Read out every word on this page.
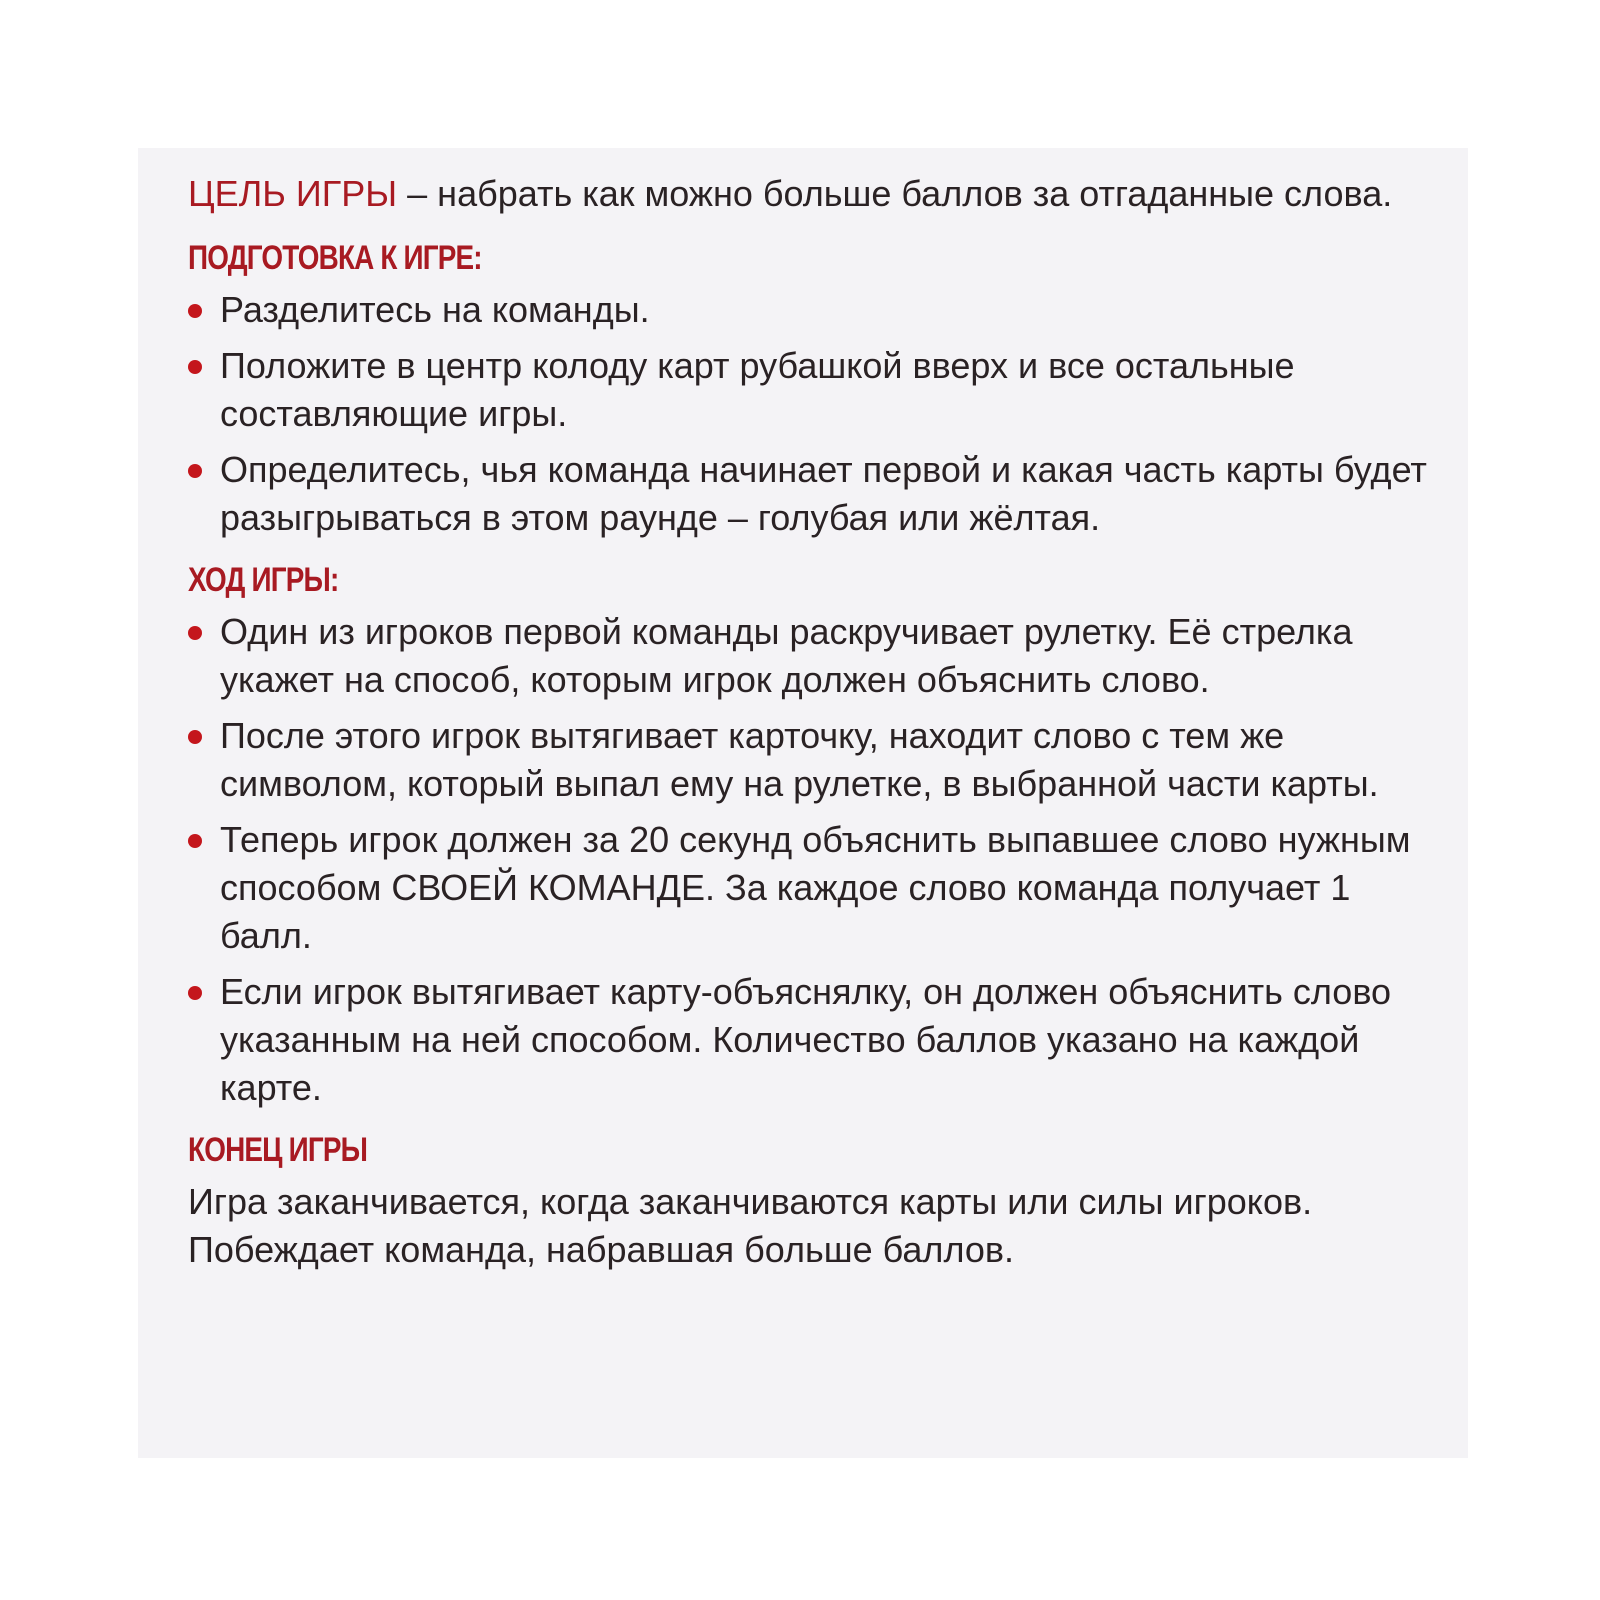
ЦЕЛЬ ИГРЫ – набрать как можно больше баллов за отгаданные слова.

ПОДГОТОВКА К ИГРЕ:
Разделитесь на команды.
Положите в центр колоду карт рубашкой вверх и все остальные составляющие игры.
Определитесь, чья команда начинает первой и какая часть карты будет разыгрываться в этом раунде – голубая или жёлтая.
ХОД ИГРЫ:
Один из игроков первой команды раскручивает рулетку. Её стрелка укажет на способ, которым игрок должен объяснить слово.
После этого игрок вытягивает карточку, находит слово с тем же символом, который выпал ему на рулетке, в выбранной части карты.
Теперь игрок должен за 20 секунд объяснить выпавшее слово нужным способом СВОЕЙ КОМАНДЕ. За каждое слово команда получает 1 балл.
Если игрок вытягивает карту-объяснялку, он должен объяснить слово указанным на ней способом. Количество баллов указано на каждой карте.
КОНЕЦ ИГРЫ

Игра заканчивается, когда заканчиваются карты или силы игроков.

Побеждает команда, набравшая больше баллов.
